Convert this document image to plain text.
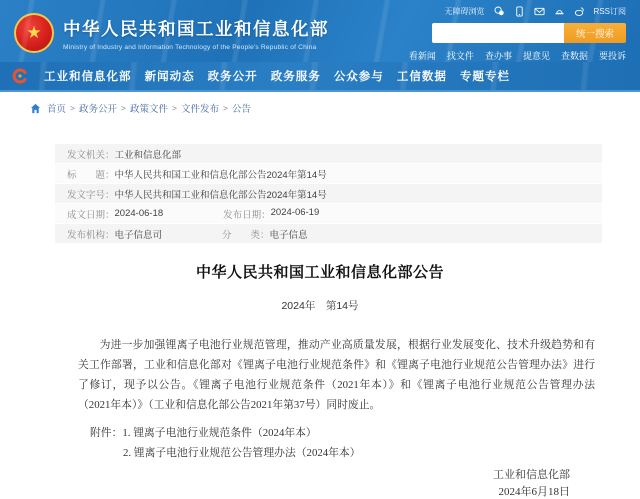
★	中华人民共和国工业和信息化部
Ministry of Industry and Information Technology of the People's Republic of China
无障碍浏览	RSS订阅
统一搜索
看新闻 找文件 查办事 提意见 查数据 要投诉
工业和信息化部 新闻动态 政务公开 政务服务 公众参与 工信数据 专题专栏
首页 > 政务公开 > 政策文件 > 文件发布 > 公告
发文机关： 工业和信息化部
标　　题： 中华人民共和国工业和信息化部公告2024年第14号
发文字号： 中华人民共和国工业和信息化部公告2024年第14号
成文日期： 2024-06-18	发布日期： 2024-06-19
发布机构： 电子信息司	分　　类： 电子信息
中华人民共和国工业和信息化部公告
2024年　第14号

为进一步加强锂离子电池行业规范管理，推动产业高质量发展，根据行业发展变化、技术升级趋势和有关工作部署，工业和信息化部对《锂离子电池行业规范条件》和《锂离子电池行业规范公告管理办法》进行了修订，现予以公告。《锂离子电池行业规范条件（2021年本）》和《锂离子电池行业规范公告管理办法（2021年本）》（工业和信息化部公告2021年第37号）同时废止。

附件： 1. 锂离子电池行业规范条件（2024年本）
2. 锂离子电池行业规范公告管理办法（2024年本）
工业和信息化部
2024年6月18日
